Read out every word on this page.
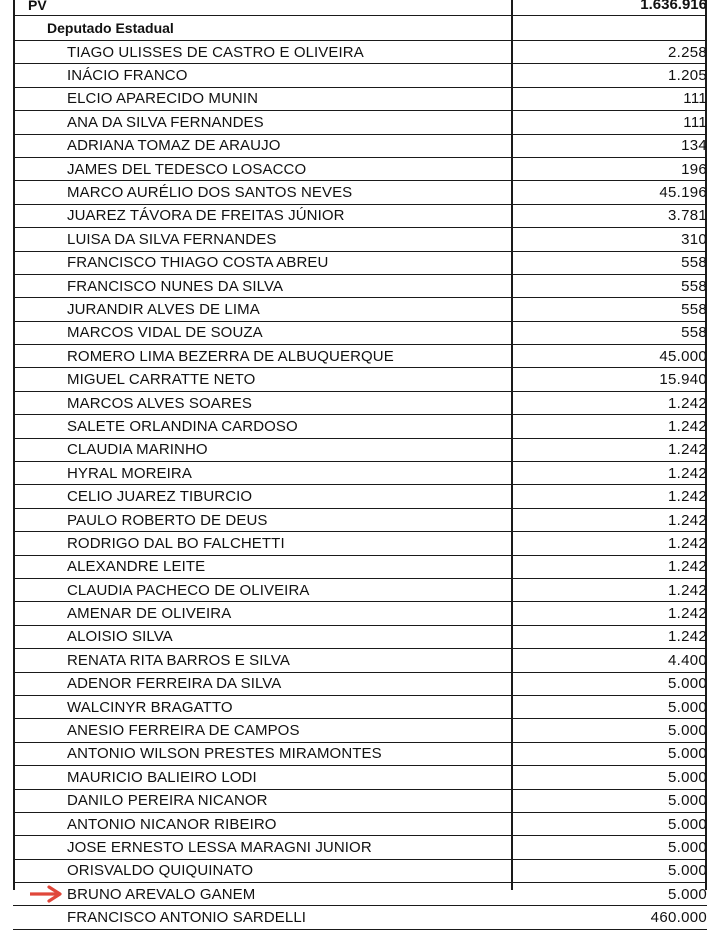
PV	1.636.916
Deputado Estadual	
TIAGO ULISSES DE CASTRO E OLIVEIRA	2.258
INÁCIO FRANCO	1.205
ELCIO APARECIDO MUNIN	111
ANA DA SILVA FERNANDES	111
ADRIANA TOMAZ DE ARAUJO	134
JAMES DEL TEDESCO LOSACCO	196
MARCO AURÉLIO DOS SANTOS NEVES	45.196
JUAREZ TÁVORA DE FREITAS JÚNIOR	3.781
LUISA DA SILVA FERNANDES	310
FRANCISCO THIAGO COSTA ABREU	558
FRANCISCO NUNES DA SILVA	558
JURANDIR ALVES DE LIMA	558
MARCOS VIDAL DE SOUZA	558
ROMERO LIMA BEZERRA DE ALBUQUERQUE	45.000
MIGUEL CARRATTE NETO	15.940
MARCOS ALVES SOARES	1.242
SALETE ORLANDINA CARDOSO	1.242
CLAUDIA MARINHO	1.242
HYRAL MOREIRA	1.242
CELIO JUAREZ TIBURCIO	1.242
PAULO ROBERTO DE DEUS	1.242
RODRIGO DAL BO FALCHETTI	1.242
ALEXANDRE LEITE	1.242
CLAUDIA PACHECO DE OLIVEIRA	1.242
AMENAR DE OLIVEIRA	1.242
ALOISIO SILVA	1.242
RENATA RITA BARROS E SILVA	4.400
ADENOR FERREIRA DA SILVA	5.000
WALCINYR BRAGATTO	5.000
ANESIO FERREIRA DE CAMPOS	5.000
ANTONIO WILSON PRESTES MIRAMONTES	5.000
MAURICIO BALIEIRO LODI	5.000
DANILO PEREIRA NICANOR	5.000
ANTONIO NICANOR RIBEIRO	5.000
JOSE ERNESTO LESSA MARAGNI JUNIOR	5.000
ORISVALDO QUIQUINATO	5.000
BRUNO AREVALO GANEM	5.000
FRANCISCO ANTONIO SARDELLI	460.000
